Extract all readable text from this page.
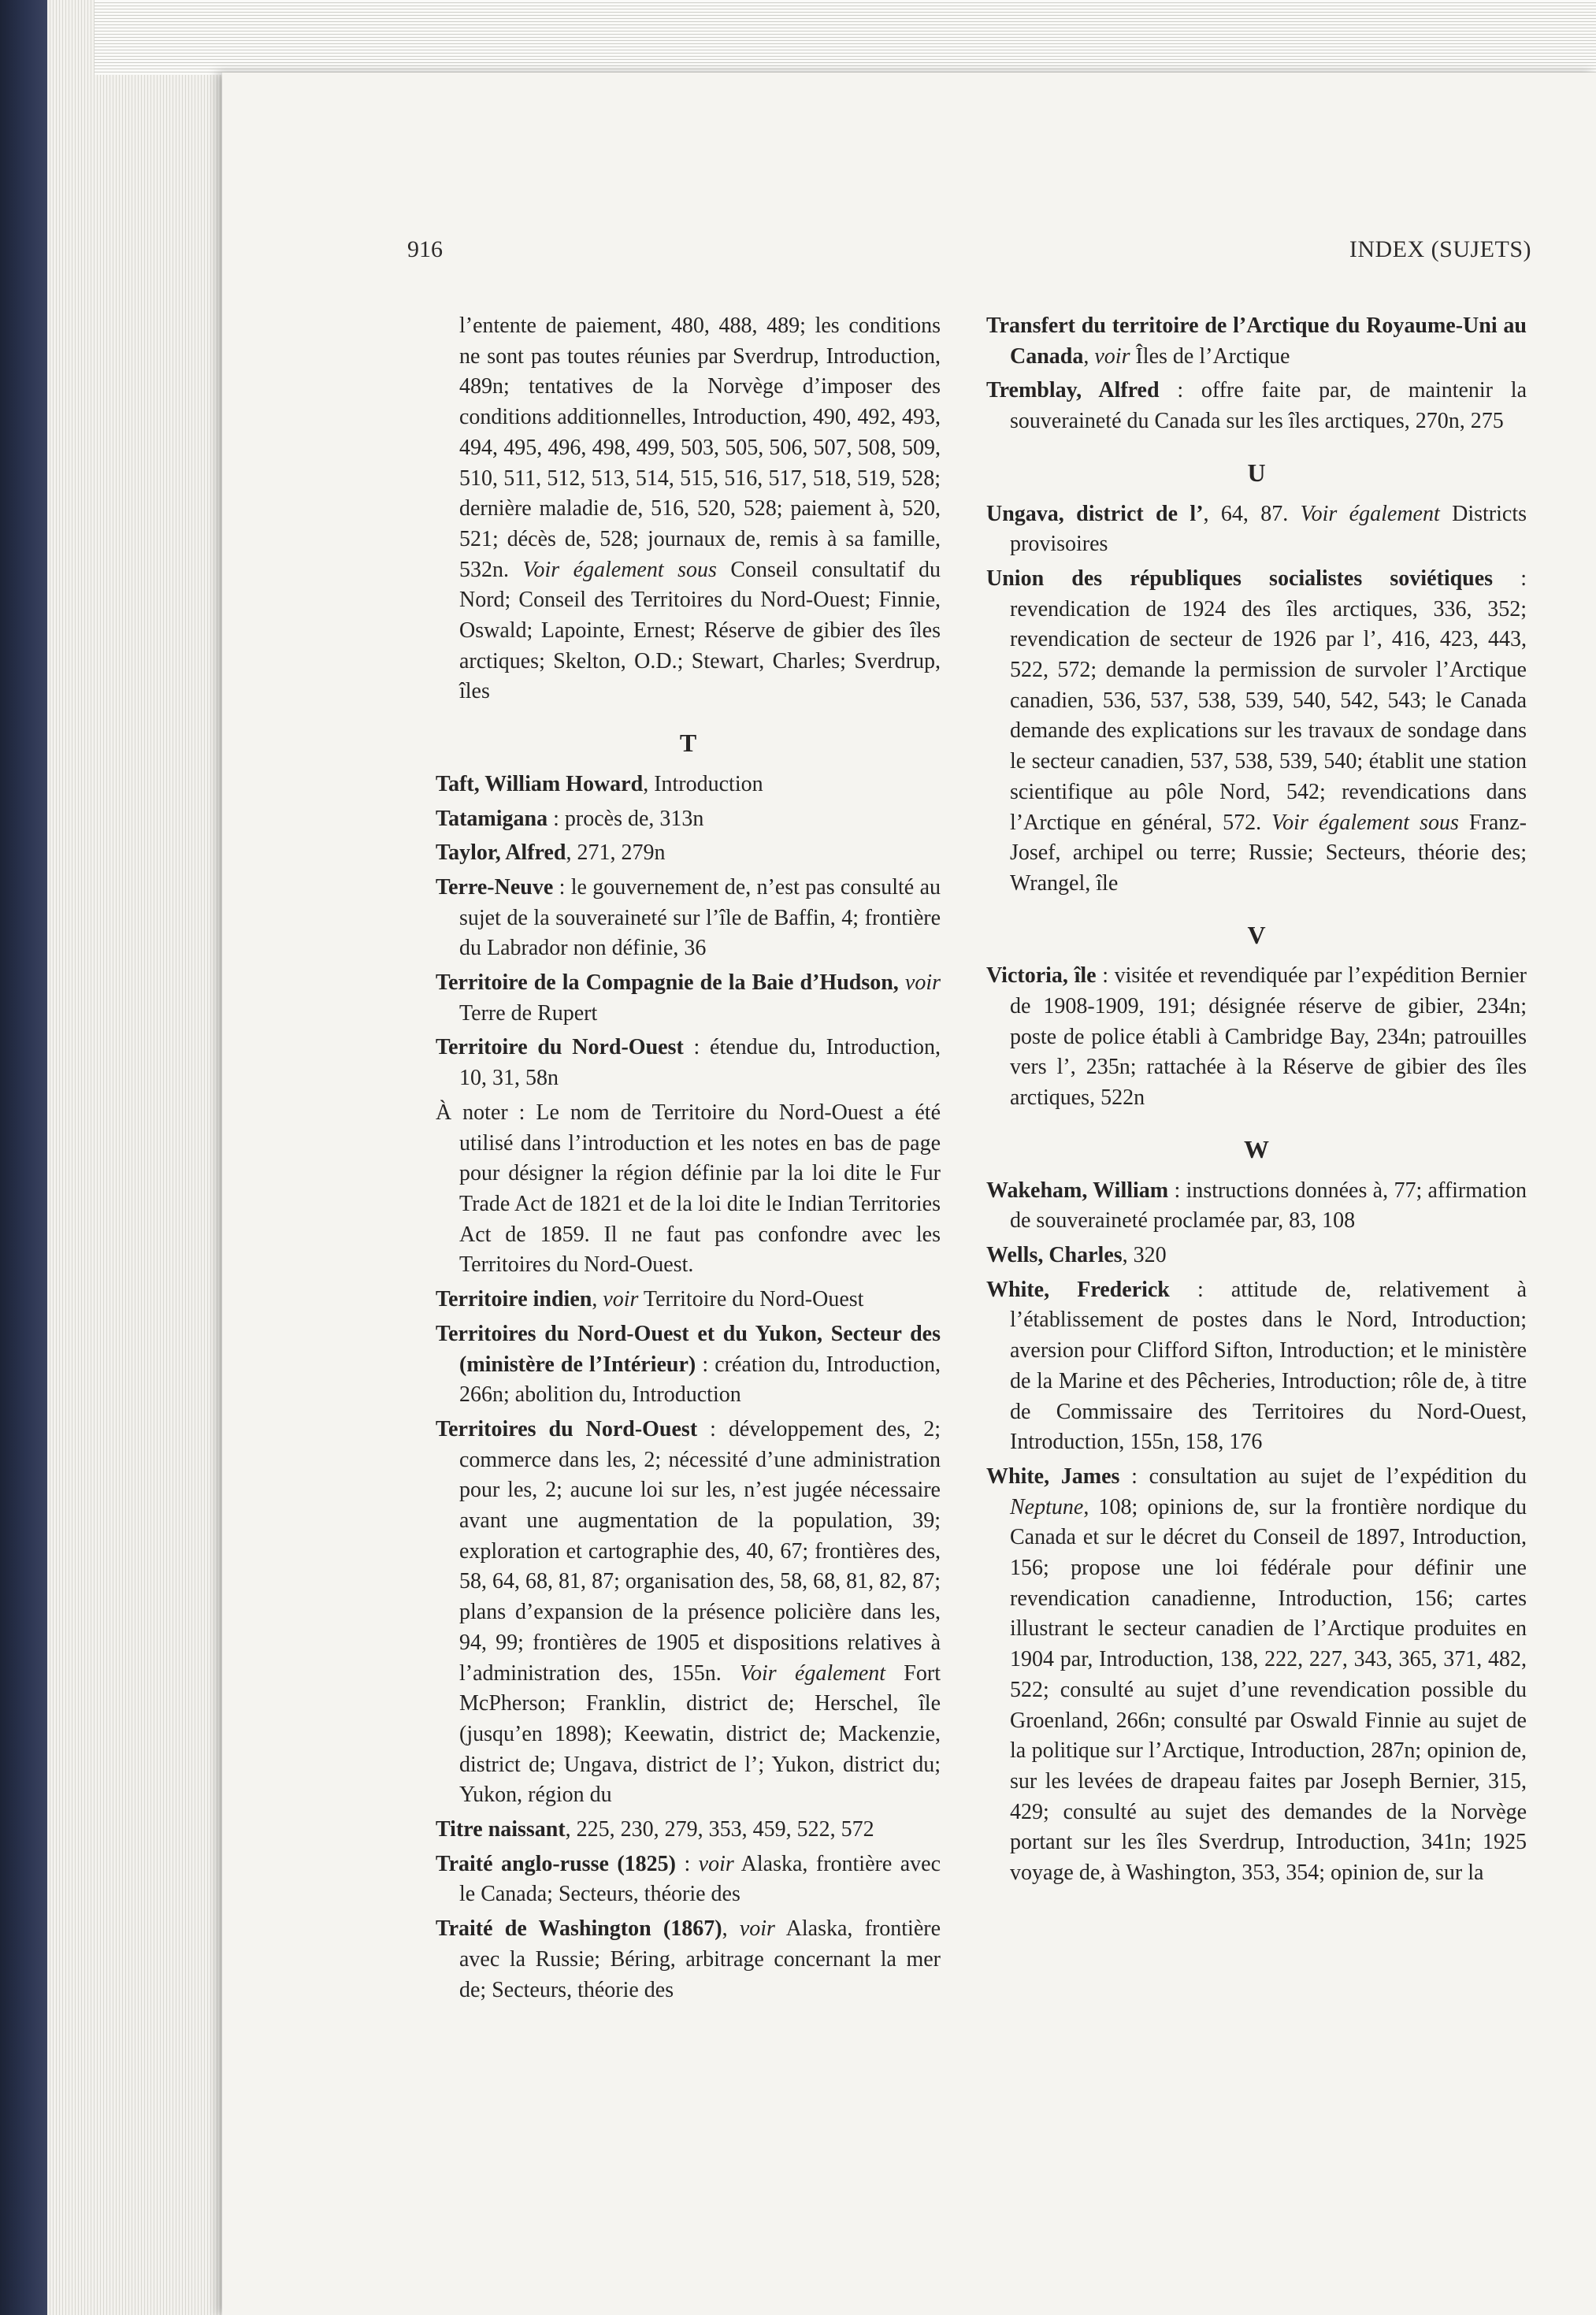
916	INDEX (SUJETS)
l’entente de paiement, 480, 488, 489; les conditions ne sont pas toutes réunies par Sverdrup, Introduction, 489n; tentatives de la Norvège d’imposer des conditions additionnelles, Introduction, 490, 492, 493, 494, 495, 496, 498, 499, 503, 505, 506, 507, 508, 509, 510, 511, 512, 513, 514, 515, 516, 517, 518, 519, 528; dernière maladie de, 516, 520, 528; paiement à, 520, 521; décès de, 528; journaux de, remis à sa famille, 532n. Voir également sous Conseil consultatif du Nord; Conseil des Territoires du Nord-Ouest; Finnie, Oswald; Lapointe, Ernest; Réserve de gibier des îles arctiques; Skelton, O.D.; Stewart, Charles; Sverdrup, îles
T
Taft, William Howard, Introduction
Tatamigana : procès de, 313n
Taylor, Alfred, 271, 279n
Terre-Neuve : le gouvernement de, n’est pas consulté au sujet de la souveraineté sur l’île de Baffin, 4; frontière du Labrador non définie, 36
Territoire de la Compagnie de la Baie d’Hudson, voir Terre de Rupert
Territoire du Nord-Ouest : étendue du, Introduction, 10, 31, 58n
À noter : Le nom de Territoire du Nord-Ouest a été utilisé dans l’introduction et les notes en bas de page pour désigner la région définie par la loi dite le Fur Trade Act de 1821 et de la loi dite le Indian Territories Act de 1859. Il ne faut pas confondre avec les Territoires du Nord-Ouest.
Territoire indien, voir Territoire du Nord-Ouest
Territoires du Nord-Ouest et du Yukon, Secteur des (ministère de l’Intérieur) : création du, Introduction, 266n; abolition du, Introduction
Territoires du Nord-Ouest : développement des, 2; commerce dans les, 2; nécessité d’une administration pour les, 2; aucune loi sur les, n’est jugée nécessaire avant une augmentation de la population, 39; exploration et cartographie des, 40, 67; frontières des, 58, 64, 68, 81, 87; organisation des, 58, 68, 81, 82, 87; plans d’expansion de la présence policière dans les, 94, 99; frontières de 1905 et dispositions relatives à l’administration des, 155n. Voir également Fort McPherson; Franklin, district de; Herschel, île (jusqu’en 1898); Keewatin, district de; Mackenzie, district de; Ungava, district de l’; Yukon, district du; Yukon, région du
Titre naissant, 225, 230, 279, 353, 459, 522, 572
Traité anglo-russe (1825) : voir Alaska, frontière avec le Canada; Secteurs, théorie des
Traité de Washington (1867), voir Alaska, frontière avec la Russie; Béring, arbitrage concernant la mer de; Secteurs, théorie des
Transfert du territoire de l’Arctique du Royaume-Uni au Canada, voir Îles de l’Arctique
Tremblay, Alfred : offre faite par, de maintenir la souveraineté du Canada sur les îles arctiques, 270n, 275
U
Ungava, district de l’, 64, 87. Voir également Districts provisoires
Union des républiques socialistes soviétiques : revendication de 1924 des îles arctiques, 336, 352; revendication de secteur de 1926 par l’, 416, 423, 443, 522, 572; demande la permission de survoler l’Arctique canadien, 536, 537, 538, 539, 540, 542, 543; le Canada demande des explications sur les travaux de sondage dans le secteur canadien, 537, 538, 539, 540; établit une station scientifique au pôle Nord, 542; revendications dans l’Arctique en général, 572. Voir également sous Franz-Josef, archipel ou terre; Russie; Secteurs, théorie des; Wrangel, île
V
Victoria, île : visitée et revendiquée par l’expédition Bernier de 1908-1909, 191; désignée réserve de gibier, 234n; poste de police établi à Cambridge Bay, 234n; patrouilles vers l’, 235n; rattachée à la Réserve de gibier des îles arctiques, 522n
W
Wakeham, William : instructions données à, 77; affirmation de souveraineté proclamée par, 83, 108
Wells, Charles, 320
White, Frederick : attitude de, relativement à l’établissement de postes dans le Nord, Introduction; aversion pour Clifford Sifton, Introduction; et le ministère de la Marine et des Pêcheries, Introduction; rôle de, à titre de Commissaire des Territoires du Nord-Ouest, Introduction, 155n, 158, 176
White, James : consultation au sujet de l’expédition du Neptune, 108; opinions de, sur la frontière nordique du Canada et sur le décret du Conseil de 1897, Introduction, 156; propose une loi fédérale pour définir une revendication canadienne, Introduction, 156; cartes illustrant le secteur canadien de l’Arctique produites en 1904 par, Introduction, 138, 222, 227, 343, 365, 371, 482, 522; consulté au sujet d’une revendication possible du Groenland, 266n; consulté par Oswald Finnie au sujet de la politique sur l’Arctique, Introduction, 287n; opinion de, sur les levées de drapeau faites par Joseph Bernier, 315, 429; consulté au sujet des demandes de la Norvège portant sur les îles Sverdrup, Introduction, 341n; 1925 voyage de, à Washington, 353, 354; opinion de, sur la
